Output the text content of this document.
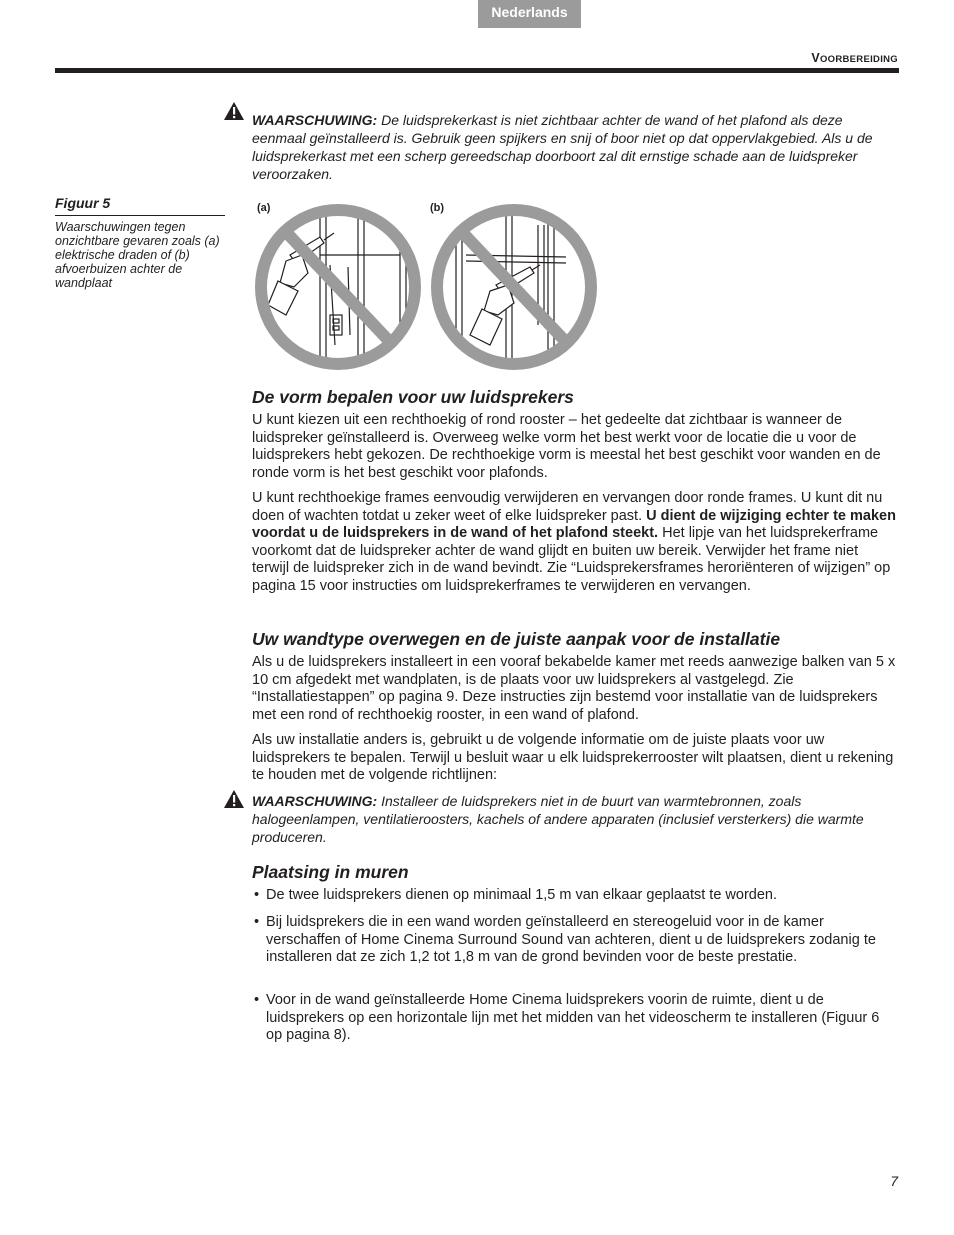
Nederlands
VOORBEREIDING
WAARSCHUWING: De luidsprekerkast is niet zichtbaar achter de wand of het plafond als deze eenmaal geïnstalleerd is. Gebruik geen spijkers en snij of boor niet op dat oppervlakgebied. Als u de luidsprekerkast met een scherp gereedschap doorboort zal dit ernstige schade aan de luidspreker veroorzaken.
Figuur 5
Waarschuwingen tegen onzichtbare gevaren zoals (a) elektrische draden of (b) afvoerbuizen achter de wandplaat
(a)	(b)
De vorm bepalen voor uw luidsprekers

U kunt kiezen uit een rechthoekig of rond rooster – het gedeelte dat zichtbaar is wanneer de luidspreker geïnstalleerd is. Overweeg welke vorm het best werkt voor de locatie die u voor de luidsprekers hebt gekozen. De rechthoekige vorm is meestal het best geschikt voor wanden en de ronde vorm is het best geschikt voor plafonds.

U kunt rechthoekige frames eenvoudig verwijderen en vervangen door ronde frames. U kunt dit nu doen of wachten totdat u zeker weet of elke luidspreker past. U dient de wijziging echter te maken voordat u de luidsprekers in de wand of het plafond steekt. Het lipje van het luidsprekerframe voorkomt dat de luidspreker achter de wand glijdt en buiten uw bereik. Verwijder het frame niet terwijl de luidspreker zich in de wand bevindt. Zie “Luidsprekersframes heroriënteren of wijzigen” op pagina 15 voor instructies om luidsprekerframes te verwijderen en vervangen.

Uw wandtype overwegen en de juiste aanpak voor de installatie

Als u de luidsprekers installeert in een vooraf bekabelde kamer met reeds aanwezige balken van 5 x 10 cm afgedekt met wandplaten, is de plaats voor uw luidsprekers al vastgelegd. Zie “Installatiestappen” op pagina 9. Deze instructies zijn bestemd voor installatie van de luidsprekers met een rond of rechthoekig rooster, in een wand of plafond.

Als uw installatie anders is, gebruikt u de volgende informatie om de juiste plaats voor uw luidsprekers te bepalen. Terwijl u besluit waar u elk luidsprekerrooster wilt plaatsen, dient u rekening te houden met de volgende richtlijnen:

WAARSCHUWING: Installeer de luidsprekers niet in de buurt van warmtebronnen, zoals halogeenlampen, ventilatieroosters, kachels of andere apparaten (inclusief versterkers) die warmte produceren.
Plaatsing in muren
• De twee luidsprekers dienen op minimaal 1,5 m van elkaar geplaatst te worden.
• Bij luidsprekers die in een wand worden geïnstalleerd en stereogeluid voor in de kamer verschaffen of Home Cinema Surround Sound van achteren, dient u de luidsprekers zodanig te installeren dat ze zich 1,2 tot 1,8 m van de grond bevinden voor de beste prestatie.
• Voor in de wand geïnstalleerde Home Cinema luidsprekers voorin de ruimte, dient u de luidsprekers op een horizontale lijn met het midden van het videoscherm te installeren (Figuur 6 op pagina 8).
7
